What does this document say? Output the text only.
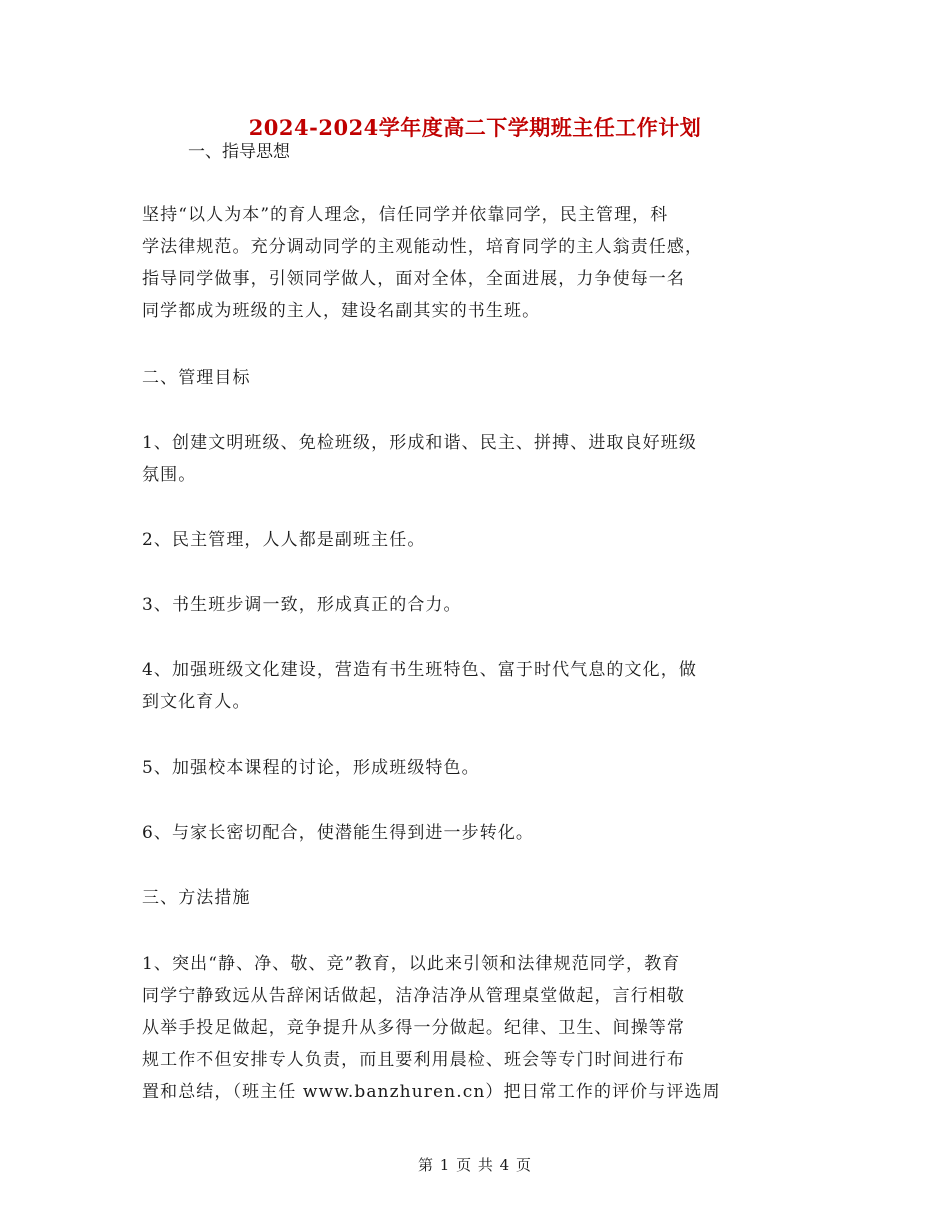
2024-2024学年度高二下学期班主任工作计划
一、指导思想
坚持“以人为本”的育人理念，信任同学并依靠同学，民主管理，科
学法律规范。充分调动同学的主观能动性，培育同学的主人翁责任感，
指导同学做事，引领同学做人，面对全体，全面进展，力争使每一名
同学都成为班级的主人，建设名副其实的书生班。
二、管理目标
1、创建文明班级、免检班级，形成和谐、民主、拼搏、进取良好班级
氛围。
2、民主管理，人人都是副班主任。
3、书生班步调一致，形成真正的合力。
4、加强班级文化建设，营造有书生班特色、富于时代气息的文化，做
到文化育人。
5、加强校本课程的讨论，形成班级特色。
6、与家长密切配合，使潜能生得到进一步转化。
三、方法措施
1、突出“静、净、敬、竞”教育，以此来引领和法律规范同学，教育
同学宁静致远从告辞闲话做起，洁净洁净从管理桌堂做起，言行相敬
从举手投足做起，竞争提升从多得一分做起。纪律、卫生、间操等常
规工作不但安排专人负责，而且要利用晨检、班会等专门时间进行布
置和总结，（班主任 www.banzhuren.cn）把日常工作的评价与评选周
第 1 页 共 4 页
